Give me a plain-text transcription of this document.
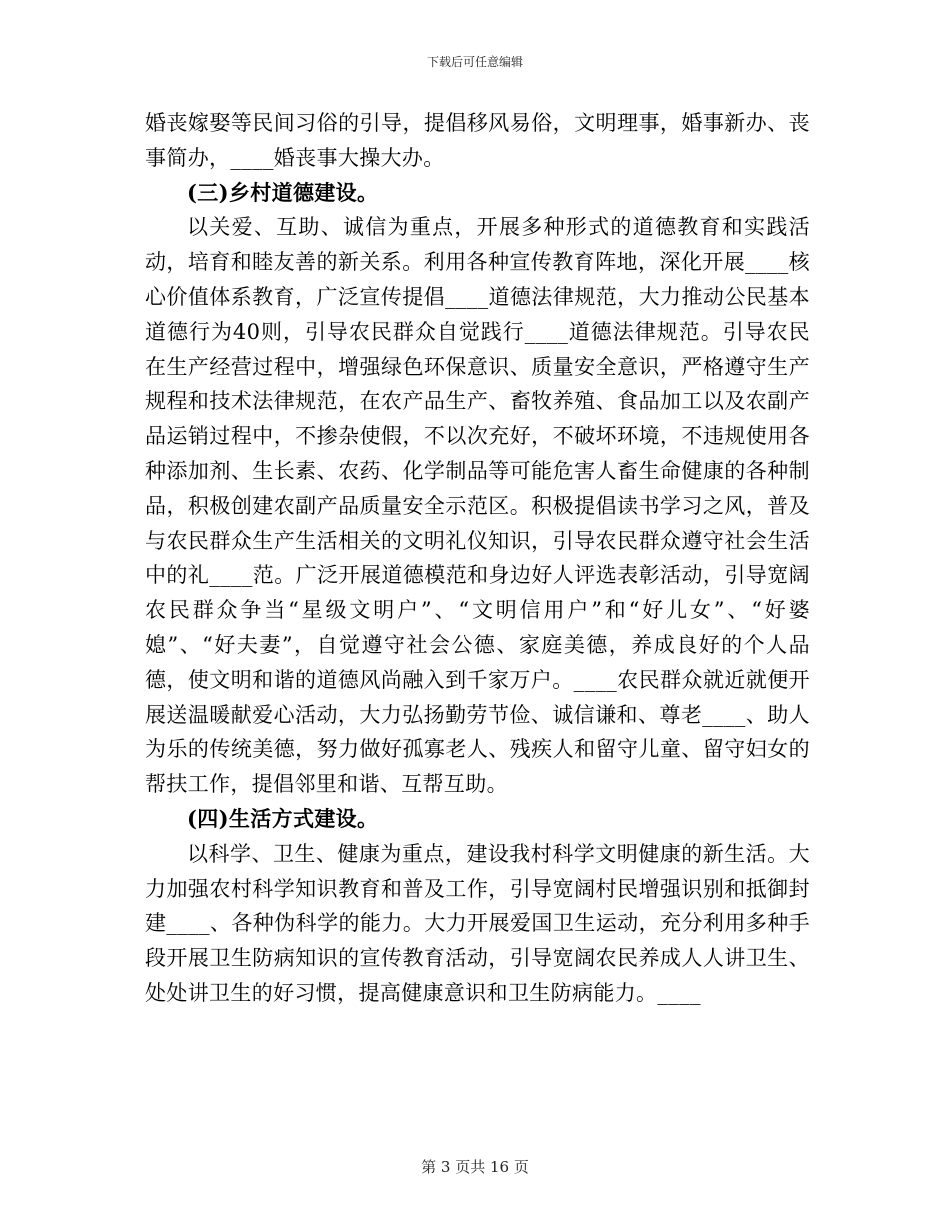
下载后可任意编辑

婚丧嫁娶等民间习俗的引导，提倡移风易俗，文明理事，婚事新办、丧事简办，____婚丧事大操大办。

(三)乡村道德建设。

以关爱、互助、诚信为重点，开展多种形式的道德教育和实践活动，培育和睦友善的新关系。利用各种宣传教育阵地，深化开展____核心价值体系教育，广泛宣传提倡____道德法律规范，大力推动公民基本道德行为40则，引导农民群众自觉践行____道德法律规范。引导农民在生产经营过程中，增强绿色环保意识、质量安全意识，严格遵守生产规程和技术法律规范，在农产品生产、畜牧养殖、食品加工以及农副产品运销过程中，不掺杂使假，不以次充好，不破坏环境，不违规使用各种添加剂、生长素、农药、化学制品等可能危害人畜生命健康的各种制品，积极创建农副产品质量安全示范区。积极提倡读书学习之风，普及与农民群众生产生活相关的文明礼仪知识，引导农民群众遵守社会生活中的礼____范。广泛开展道德模范和身边好人评选表彰活动，引导宽阔农民群众争当“星级文明户”、“文明信用户”和“好儿女”、“好婆媳”、“好夫妻”，自觉遵守社会公德、家庭美德，养成良好的个人品德，使文明和谐的道德风尚融入到千家万户。____农民群众就近就便开展送温暖献爱心活动，大力弘扬勤劳节俭、诚信谦和、尊老____、助人为乐的传统美德，努力做好孤寡老人、残疾人和留守儿童、留守妇女的帮扶工作，提倡邻里和谐、互帮互助。

(四)生活方式建设。

以科学、卫生、健康为重点，建设我村科学文明健康的新生活。大力加强农村科学知识教育和普及工作，引导宽阔村民增强识别和抵御封建____、各种伪科学的能力。大力开展爱国卫生运动，充分利用多种手段开展卫生防病知识的宣传教育活动，引导宽阔农民养成人人讲卫生、处处讲卫生的好习惯，提高健康意识和卫生防病能力。____

第 3 页共 16 页
